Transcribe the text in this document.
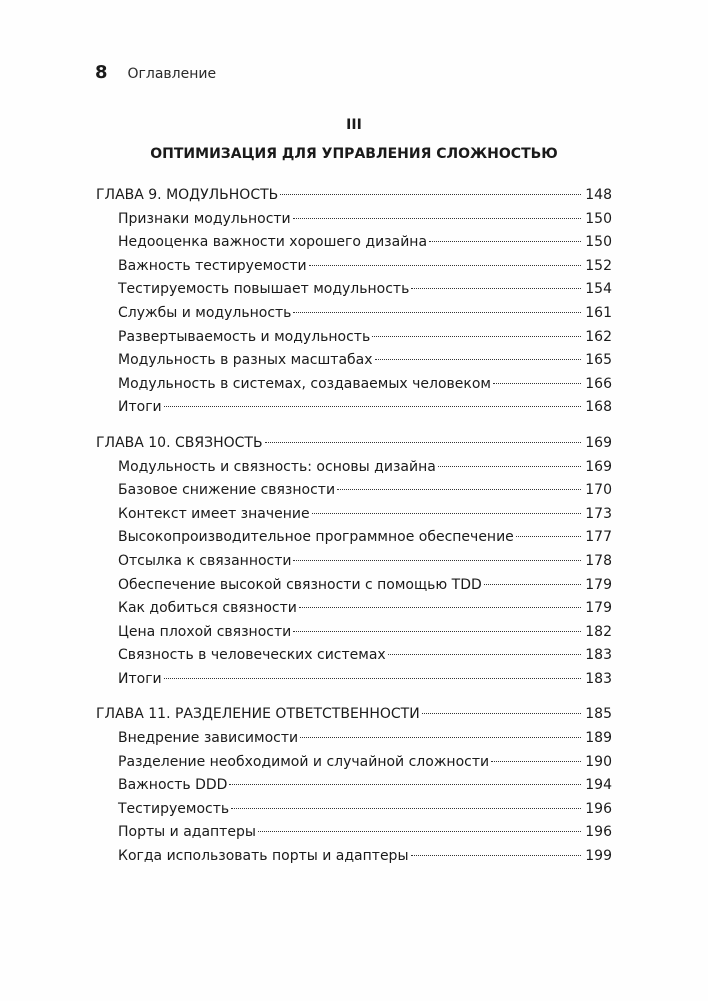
8 Оглавление
III
ОПТИМИЗАЦИЯ ДЛЯ УПРАВЛЕНИЯ СЛОЖНОСТЬЮ
ГЛАВА 9. МОДУЛЬНОСТЬ	148
Признаки модульности	150
Недооценка важности хорошего дизайна	150
Важность тестируемости	152
Тестируемость повышает модульность	154
Службы и модульность	161
Развертываемость и модульность	162
Модульность в разных масштабах	165
Модульность в системах, создаваемых человеком	166
Итоги	168
ГЛАВА 10. СВЯЗНОСТЬ	169
Модульность и связность: основы дизайна	169
Базовое снижение связности	170
Контекст имеет значение	173
Высокопроизводительное программное обеспечение	177
Отсылка к связанности	178
Обеспечение высокой связности с помощью TDD	179
Как добиться связности	179
Цена плохой связности	182
Связность в человеческих системах	183
Итоги	183
ГЛАВА 11. РАЗДЕЛЕНИЕ ОТВЕТСТВЕННОСТИ	185
Внедрение зависимости	189
Разделение необходимой и случайной сложности	190
Важность DDD	194
Тестируемость	196
Порты и адаптеры	196
Когда использовать порты и адаптеры	199
